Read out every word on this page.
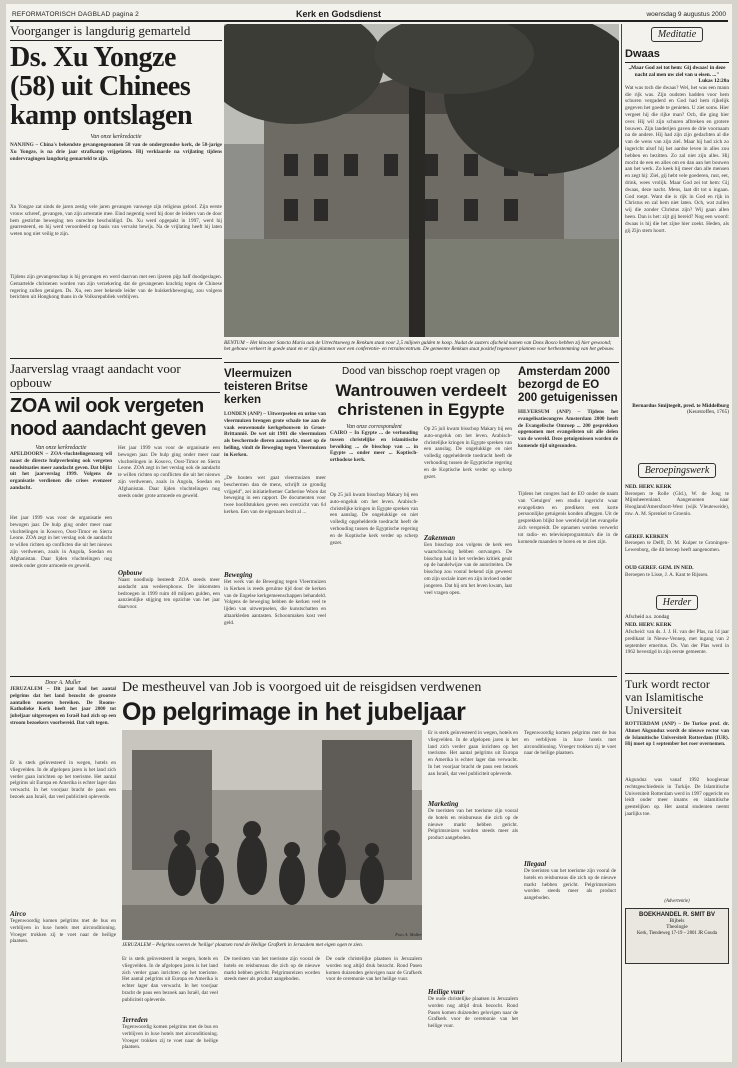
REFORMATORISCH DAGBLAD pagina 2	Kerk en Godsdienst	woensdag 9 augustus 2000
Voorganger is langdurig gemarteld
Ds. Xu Yongze (58) uit Chinees kamp ontslagen
Van onze kerkredactie
NANJING – China's bekendste gevangengenomen 58 van de ondergrondse kerk, de 58-jarige Xu Yongze, is na drie jaar strafkamp vrijgelaten. Hij verklaarde na vrijlating tijdens ondervragingen langdurig gemarteld te zijn.
Xu Yongze zat sinds de jaren zestig vele jaren gevangen vanwege zijn religieus geloof. Zijn eerste vrouw schreef, gevangen, van zijn arrestatie mee. Eind negentig werd hij door de leiders van de door hem gestichte beweging ten onrechte beschuldigd. Ds. Xu werd opgepakt in 1997, werd hij gearresteerd, en hij werd veroordeeld op basis van vervalst bewijs. Na de vrijlating heeft hij laten weten nog niet veilig te zijn.
Tijdens zijn gevangenschap is hij gevangen en werd daarvan met een ijzeren pijp half doodgeslagen. Gemartelde christenen worden van zijn verzekering dat de gevangenen krachtig tegen de Chinese regering zullen getuigen. Ds. Xu, een zeer bekende leider van de huiskerkbeweging, zou volgens berichten uit Hongkong thans in de Volksrepubliek verblijven.
BENTUM – Het klooster Sancta Maria aan de Utrechtseweg te Renkum staat voor 2,5 miljoen gulden te koop. Nadat de zusters afscheid namen van Dons Bosco hebben zij hier gewoond; het gebouw verkeert in goede staat en er zijn plannen voor een conferentie- en retraitecentrum. De gemeente Renkum staat positief tegenover plannen voor herbestemming van het gebouw.
Meditatie
Dwaas
„Maar God zei tot hem: Gij dwaas! in deze nacht zal men uw ziel van u eisen. ..."
Lukas 12:20a
Wat was toch die dwaas? Wel, het was een mann die rijk was. Zijn oudsten hadden voor hem schuren vergaderd en God had hem rijkelijk gegeven het goede te genieten. U ziet soms. Hier vergeet hij die rijke man? Och, die ging hier over. Hij wil zijn schuren afbreken en grotere bouwen. Zijn landerijen gaven de drie voornaam na de andere. Hij had zijn zijn gedachten al die van de wens van zijn ziel. Maar hij had zich zo ingericht alsof hij het aardse leven in alles zou hebben en bezitten. Zo zal niet zijn alles. Hij mocht de een en alles om en dan aan het bouwen aan het werk. Zo keek hij meer dan alle mensen en zegt hij: Ziel, gij hebt vele goederen, rust, eet, drink, wees vrolijk. Maar God zei tot hem: Gij dwaas, deze nacht. Mens, laat dit tot u ingaan. God roept. Want die is rijk in God en rijk in Christus en zal hem niet laten. Och, wat zullen wij die zonder Christus zijn? Wij gaan allen heen. Dan is het: zijt gij bereid? Nog een woord: dwaas is hij die het zijne hier zoekt. Heden, als gij Zijn stem hoort.
Bernardus Smijtegelt, pred. te Middelburg
(Keurstoffen, 1765)
Vleermuizen teisteren Britse kerken
LONDEN (ANP) – Uitwerpselen en urine van vleermuizen brengen grote schade toe aan de vaak eeuwenoude kerkgebouwen in Groot-Brittannië. De wet uit 1981 die vleermuizen als beschermde dieren aanmerkt, moet op de helling, vindt de Beweging tegen Vleermuizen in Kerken.
„De houten wet gaat vleermuizen meer beschermen dan de mens, schrijft ze grondig vrijgeld", zei initiatiefnemer Catherine Woon dat beweging in een rapport. De documenten voor twee hoofdstukken geven een overzicht van 64 kerken. Een van de eigenaars bezit al ...
Beweging
Het werk van de Beweging tegen Vleermuizen in Kerken is reeds geruime tijd door de kerken van de Engelse kerkgemeenschappen behandeld. Volgens de beweging hebben de kerken veel te lijden van uitwerpselen, die kunstschatten en altaarkleden aantasten. Schoonmaken kost veel geld.
Dood van bisschop roept vragen op
Wantrouwen verdeelt christenen in Egypte
Van onze correspondent
CAIRO – In Egypte ... de verhouding tussen christelijke en islamitische bevolking ... de bisschop van ... in Egypte ... onder meer ... Koptisch-orthodoxe kerk.
Op 25 juli kwam bisschop Makary bij een auto-ongeluk om het leven. Arabisch-christelijke kringen in Egypte spreken van een aanslag. De ongelukkige en niet volledig opgehelderde toedracht heeft de verhouding tussen de Egyptische regering en de Koptische kerk verder op scherp gezet.
Op 25 juli kwam bisschop Makary bij een auto-ongeluk om het leven. Arabisch-christelijke kringen in Egypte spreken van een aanslag. De ongelukkige en niet volledig opgehelderde toedracht heeft de verhouding tussen de Egyptische regering en de Koptische kerk verder op scherp gezet.
Zakenman
Een bisschop zou volgens de kerk een waarschuwing hebben ontvangen. De bisschop had in het verleden kritiek geuit op de handelwijze van de autoriteiten. De bisschop zou vooral bekend zijn geweest om zijn sociale inzet en zijn invloed onder jongeren. Dat hij om het leven kwam, laat veel vragen open.
Amsterdam 2000 bezorgd de EO 200 getuigenissen
HILVERSUM (ANP) – Tijdens het evangelisatiecongres Amsterdam 2000 heeft de Evangelische Omroep ... 200 gesprekken opgenomen met evangelisten uit alle delen van de wereld. Deze getuigenissen worden de komende tijd uitgezonden.
Tijdens het congres had de EO onder de naam van 'Getuigen' een studio ingericht waar evangelisten en predikers een korte persoonlijke getuigenis konden afleggen. Uit de gesprekken blijkt hoe wereldwijd het evangelie zich verspreidt. De opnamen worden verwerkt tot radio- en televisieprogramma's die in de komende maanden te horen en te zien zijn.
Jaarverslag vraagt aandacht voor opbouw
ZOA wil ook vergeten nood aandacht geven
Van onze kerkredactie
APELDOORN – ZOA-vluchtelingenzorg wil naast de directe hulpverlening ook vergeten noodsituaties meer aandacht geven. Dat blijkt uit het jaarverslag 1999. Volgens de organisatie verdienen die crises evenzeer aandacht.
Het jaar 1999 was voor de organisatie een bewogen jaar. De hulp ging onder meer naar vluchtelingen in Kosovo, Oost-Timor en Sierra Leone. ZOA zegt in het verslag ook de aandacht te willen richten op conflicten die uit het nieuws zijn verdwenen, zoals in Angola, Soedan en Afghanistan. Daar lijden vluchtelingen nog steeds onder grote armoede en geweld.
Het jaar 1999 was voor de organisatie een bewogen jaar. De hulp ging onder meer naar vluchtelingen in Kosovo, Oost-Timor en Sierra Leone. ZOA zegt in het verslag ook de aandacht te willen richten op conflicten die uit het nieuws zijn verdwenen, zoals in Angola, Soedan en Afghanistan. Daar lijden vluchtelingen nog steeds onder grote armoede en geweld.
Opbouw
Naast noodhulp besteedt ZOA steeds meer aandacht aan wederopbouw. De inkomsten bedroegen in 1999 ruim 40 miljoen gulden, een aanzienlijke stijging ten opzichte van het jaar daarvoor.
Door A. Muller
JERUZALEM – Dit jaar had het aantal pelgrims dat het land bezocht de grootste aantallen moeten bereiken. De Rooms-Katholieke Kerk heeft het jaar 2000 tot jubeljaar uitgeroepen en Israël had zich op een stroom bezoekers voorbereid. Dat valt tegen.
Er is sterk geïnvesteerd in wegen, hotels en vliegvelden. In de afgelopen jaren is het land zich verder gaan inrichten op het toerisme. Het aantal pelgrims uit Europa en Amerika is echter lager dan verwacht. In het voorjaar bracht de paus een bezoek aan Israël, dat veel publiciteit opleverde.
Airco
Tegenwoordig komen pelgrims met de bus en verblijven in luxe hotels met airconditioning. Vroeger trokken zij te voet naar de heilige plaatsen.
De mestheuvel van Job is voorgoed uit de reisgidsen verdwenen
Op pelgrimage in het jubeljaar
JERUZALEM – Pelgrims voeren de 'heilige' plaatsen rond de Heilige Grafkerk in Jeruzalem met eigen ogen te zien.
Foto A. Muller
Er is sterk geïnvesteerd in wegen, hotels en vliegvelden. In de afgelopen jaren is het land zich verder gaan inrichten op het toerisme. Het aantal pelgrims uit Europa en Amerika is echter lager dan verwacht. In het voorjaar bracht de paus een bezoek aan Israël, dat veel publiciteit opleverde.
Terreden
Tegenwoordig komen pelgrims met de bus en verblijven in luxe hotels met airconditioning. Vroeger trokken zij te voet naar de heilige plaatsen.
De toeristen van het toerisme zijn vooral de hotels en reisbureaus die zich op de nieuwe markt hebben gericht. Pelgrimsreizen worden steeds meer als product aangeboden.
De oude christelijke plaatsen in Jeruzalem worden nog altijd druk bezocht. Rond Pasen komen duizenden gelovigen naar de Grafkerk voor de ceremonie van het heilige vuur.
Er is sterk geïnvesteerd in wegen, hotels en vliegvelden. In de afgelopen jaren is het land zich verder gaan inrichten op het toerisme. Het aantal pelgrims uit Europa en Amerika is echter lager dan verwacht. In het voorjaar bracht de paus een bezoek aan Israël, dat veel publiciteit opleverde.
Marketing
De toeristen van het toerisme zijn vooral de hotels en reisbureaus die zich op de nieuwe markt hebben gericht. Pelgrimsreizen worden steeds meer als product aangeboden.
Heilige vuur
De oude christelijke plaatsen in Jeruzalem worden nog altijd druk bezocht. Rond Pasen komen duizenden gelovigen naar de Grafkerk voor de ceremonie van het heilige vuur.
Tegenwoordig komen pelgrims met de bus en verblijven in luxe hotels met airconditioning. Vroeger trokken zij te voet naar de heilige plaatsen.
Illegaal
De toeristen van het toerisme zijn vooral de hotels en reisbureaus die zich op de nieuwe markt hebben gericht. Pelgrimsreizen worden steeds meer als product aangeboden.
Beroepingswerk
NED. HERV. KERK
Beroepen te Rolle (Gld.), W. de Jong te Mijnsheerenland. Aangenomen naar Hoogland/Amersfoort-West (wijk Vleuteweide), mw. A. M. Sprenkel te Groenlo.
GEREF. KERKEN
Beroepen te Delfl, D. M. Kuiper te Groningen-Lewenborg, die dit beroep heeft aangenomen.
OUD GEREF. GEM. IN NED.
Beroepen te Lisse, J. A. Kant te Rijssen.
Herder
Afscheid a.s. zondag
NED. HERV. KERK
Afscheid: van ds. J. J. H. van der Plas, na 14 jaar predikant in Nieuw-Vennep, met ingang van 2 september emeritus. Ds. Van der Plas werd in 1962 bevestigd in zijn eerste gemeente.
Turk wordt rector van Islamitische Universiteit
ROTTERDAM (ANP) – De Turkse prof. dr. Ahmet Akgunduz wordt de nieuwe rector van de Islamitische Universiteit Rotterdam (IUR). Hij moet op 1 september het roer overnemen.
Akgunduz was vanaf 1992 hoogleraar rechtsgeschiedenis in Turkije. De Islamitische Universiteit Rotterdam werd in 1997 opgericht en leidt onder meer imams en islamitische geestelijken op. Het aantal studenten neemt jaarlijks toe.
(Advertentie)
BOEKHANDEL R. SMIT BV
Bijbels
Theologie
Kerk, Tiendeweg 17-19 – 2801 JR Gouda
